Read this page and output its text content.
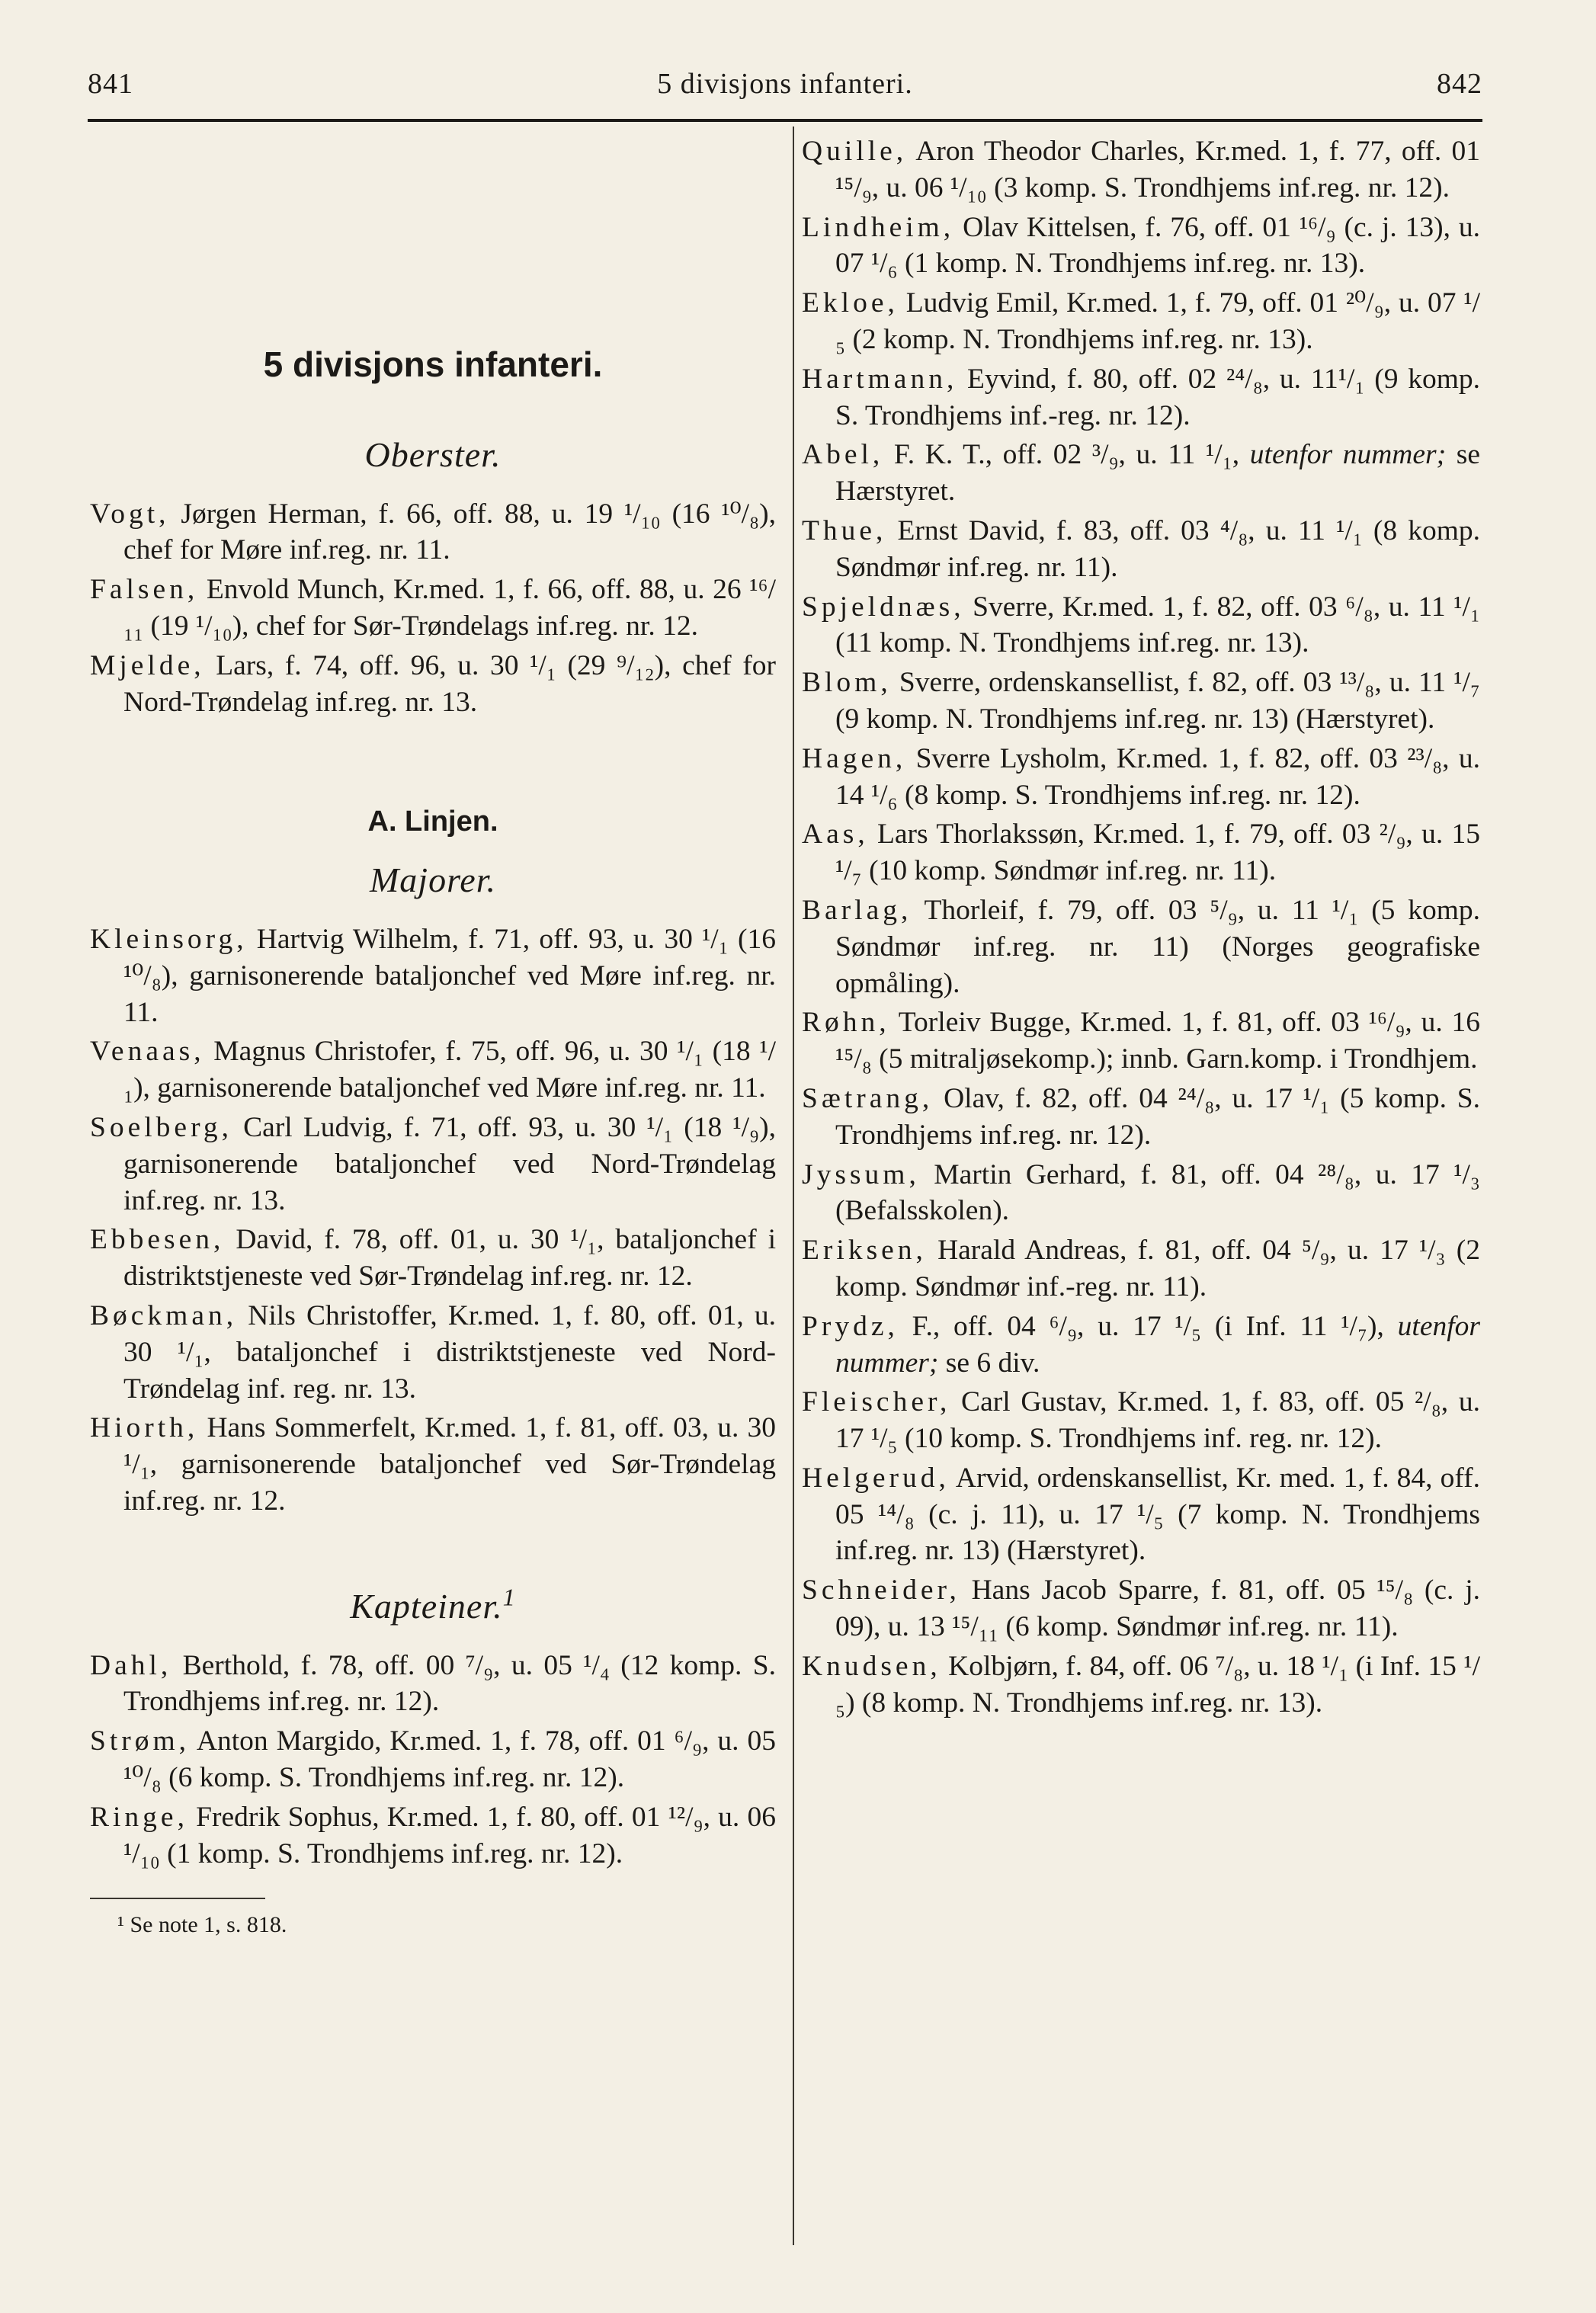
841	5 divisjons infanteri.	842
5 divisjons infanteri.
Oberster.

Vogt, Jørgen Herman, f. 66, off. 88, u. 19 ¹/₁₀ (16 ¹⁰/₈), chef for Møre inf.reg. nr. 11.

Falsen, Envold Munch, Kr.med. 1, f. 66, off. 88, u. 26 ¹⁶/₁₁ (19 ¹/₁₀), chef for Sør-Trøndelags inf.reg. nr. 12.

Mjelde, Lars, f. 74, off. 96, u. 30 ¹/₁ (29 ⁹/₁₂), chef for Nord-Trøndelag inf.reg. nr. 13.

A. Linjen.
Majorer.

Kleinsorg, Hartvig Wilhelm, f. 71, off. 93, u. 30 ¹/₁ (16 ¹⁰/₈), garnisonerende bataljonchef ved Møre inf.reg. nr. 11.

Venaas, Magnus Christofer, f. 75, off. 96, u. 30 ¹/₁ (18 ¹/₁), garnisonerende bataljonchef ved Møre inf.reg. nr. 11.

Soelberg, Carl Ludvig, f. 71, off. 93, u. 30 ¹/₁ (18 ¹/₉), garnisonerende bataljonchef ved Nord-Trøndelag inf.reg. nr. 13.

Ebbesen, David, f. 78, off. 01, u. 30 ¹/₁, bataljonchef i distriktstjeneste ved Sør-Trøndelag inf.reg. nr. 12.

Bøckman, Nils Christoffer, Kr.med. 1, f. 80, off. 01, u. 30 ¹/₁, bataljonchef i distriktstjeneste ved Nord-Trøndelag inf. reg. nr. 13.

Hiorth, Hans Sommerfelt, Kr.med. 1, f. 81, off. 03, u. 30 ¹/₁, garnisonerende bataljonchef ved Sør-Trøndelag inf.reg. nr. 12.

Kapteiner.$^1$

Dahl, Berthold, f. 78, off. 00 ⁷/₉, u. 05 ¹/₄ (12 komp. S. Trondhjems inf.reg. nr. 12).

Strøm, Anton Margido, Kr.med. 1, f. 78, off. 01 ⁶/₉, u. 05 ¹⁰/₈ (6 komp. S. Trondhjems inf.reg. nr. 12).

Ringe, Fredrik Sophus, Kr.med. 1, f. 80, off. 01 ¹²/₉, u. 06 ¹/₁₀ (1 komp. S. Trondhjems inf.reg. nr. 12).

¹ Se note 1, s. 818.

Quille, Aron Theodor Charles, Kr.med. 1, f. 77, off. 01 ¹⁵/₉, u. 06 ¹/₁₀ (3 komp. S. Trondhjems inf.reg. nr. 12).

Lindheim, Olav Kittelsen, f. 76, off. 01 ¹⁶/₉ (c. j. 13), u. 07 ¹/₆ (1 komp. N. Trondhjems inf.reg. nr. 13).

Ekloe, Ludvig Emil, Kr.med. 1, f. 79, off. 01 ²⁰/₉, u. 07 ¹/₅ (2 komp. N. Trondhjems inf.reg. nr. 13).

Hartmann, Eyvind, f. 80, off. 02 ²⁴/₈, u. 11¹/₁ (9 komp. S. Trondhjems inf.-reg. nr. 12).

Abel, F. K. T., off. 02 ³/₉, u. 11 ¹/₁, utenfor nummer; se Hærstyret.

Thue, Ernst David, f. 83, off. 03 ⁴/₈, u. 11 ¹/₁ (8 komp. Søndmør inf.reg. nr. 11).

Spjeldnæs, Sverre, Kr.med. 1, f. 82, off. 03 ⁶/₈, u. 11 ¹/₁ (11 komp. N. Trondhjems inf.reg. nr. 13).

Blom, Sverre, ordenskansellist, f. 82, off. 03 ¹³/₈, u. 11 ¹/₇ (9 komp. N. Trondhjems inf.reg. nr. 13) (Hærstyret).

Hagen, Sverre Lysholm, Kr.med. 1, f. 82, off. 03 ²³/₈, u. 14 ¹/₆ (8 komp. S. Trondhjems inf.reg. nr. 12).

Aas, Lars Thorlakssøn, Kr.med. 1, f. 79, off. 03 ²/₉, u. 15 ¹/₇ (10 komp. Søndmør inf.reg. nr. 11).

Barlag, Thorleif, f. 79, off. 03 ⁵/₉, u. 11 ¹/₁ (5 komp. Søndmør inf.reg. nr. 11) (Norges geografiske opmåling).

Røhn, Torleiv Bugge, Kr.med. 1, f. 81, off. 03 ¹⁶/₉, u. 16 ¹⁵/₈ (5 mitraljøsekomp.); innb. Garn.komp. i Trondhjem.

Sætrang, Olav, f. 82, off. 04 ²⁴/₈, u. 17 ¹/₁ (5 komp. S. Trondhjems inf.reg. nr. 12).

Jyssum, Martin Gerhard, f. 81, off. 04 ²⁸/₈, u. 17 ¹/₃ (Befalsskolen).

Eriksen, Harald Andreas, f. 81, off. 04 ⁵/₉, u. 17 ¹/₃ (2 komp. Søndmør inf.-reg. nr. 11).

Prydz, F., off. 04 ⁶/₉, u. 17 ¹/₅ (i Inf. 11 ¹/₇), utenfor nummer; se 6 div.

Fleischer, Carl Gustav, Kr.med. 1, f. 83, off. 05 ²/₈, u. 17 ¹/₅ (10 komp. S. Trondhjems inf. reg. nr. 12).

Helgerud, Arvid, ordenskansellist, Kr. med. 1, f. 84, off. 05 ¹⁴/₈ (c. j. 11), u. 17 ¹/₅ (7 komp. N. Trondhjems inf.reg. nr. 13) (Hærstyret).

Schneider, Hans Jacob Sparre, f. 81, off. 05 ¹⁵/₈ (c. j. 09), u. 13 ¹⁵/₁₁ (6 komp. Søndmør inf.reg. nr. 11).

Knudsen, Kolbjørn, f. 84, off. 06 ⁷/₈, u. 18 ¹/₁ (i Inf. 15 ¹/₅) (8 komp. N. Trondhjems inf.reg. nr. 13).
